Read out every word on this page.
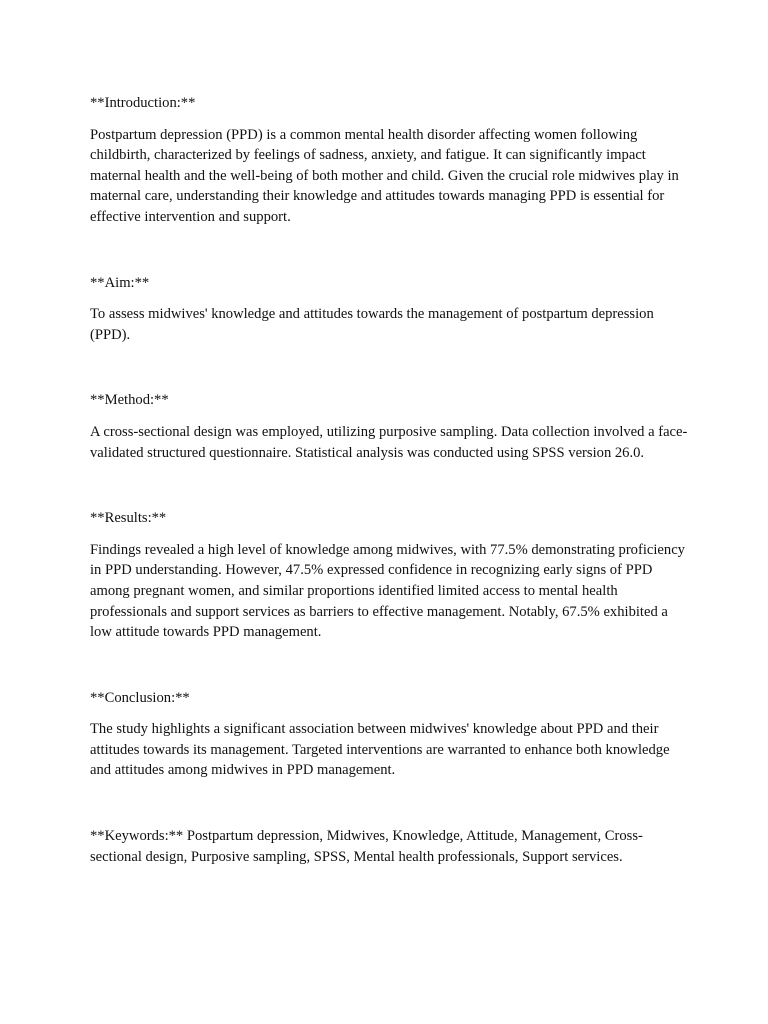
**Introduction:**

Postpartum depression (PPD) is a common mental health disorder affecting women following childbirth, characterized by feelings of sadness, anxiety, and fatigue. It can significantly impact maternal health and the well-being of both mother and child. Given the crucial role midwives play in maternal care, understanding their knowledge and attitudes towards managing PPD is essential for effective intervention and support.

**Aim:**

To assess midwives' knowledge and attitudes towards the management of postpartum depression (PPD).

**Method:**

A cross-sectional design was employed, utilizing purposive sampling. Data collection involved a face-validated structured questionnaire. Statistical analysis was conducted using SPSS version 26.0.

**Results:**

Findings revealed a high level of knowledge among midwives, with 77.5% demonstrating proficiency in PPD understanding. However, 47.5% expressed confidence in recognizing early signs of PPD among pregnant women, and similar proportions identified limited access to mental health professionals and support services as barriers to effective management. Notably, 67.5% exhibited a low attitude towards PPD management.

**Conclusion:**

The study highlights a significant association between midwives' knowledge about PPD and their attitudes towards its management. Targeted interventions are warranted to enhance both knowledge and attitudes among midwives in PPD management.

**Keywords:** Postpartum depression, Midwives, Knowledge, Attitude, Management, Cross-sectional design, Purposive sampling, SPSS, Mental health professionals, Support services.
